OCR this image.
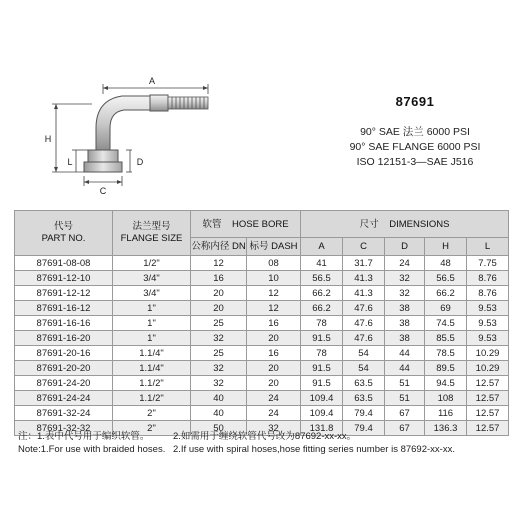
A
H
L	D
C
87691
90° SAE 法兰 6000 PSI
90° SAE FLANGE 6000 PSI
ISO 12151-3—SAE J516
代号
PART NO.	法兰型号
FLANGE SIZE	软管 HOSE BORE		尺寸 DIMENSIONS				
		公称内径 DN	标号 DASH	A	C	D	H	L
87691-08-08	1/2"	12	08	41	31.7	24	48	7.75
87691-12-10	3/4"	16	10	56.5	41.3	32	56.5	8.76
87691-12-12	3/4"	20	12	66.2	41.3	32	66.2	8.76
87691-16-12	1"	20	12	66.2	47.6	38	69	9.53
87691-16-16	1"	25	16	78	47.6	38	74.5	9.53
87691-16-20	1"	32	20	91.5	47.6	38	85.5	9.53
87691-20-16	1.1/4"	25	16	78	54	44	78.5	10.29
87691-20-20	1.1/4"	32	20	91.5	54	44	89.5	10.29
87691-24-20	1.1/2"	32	20	91.5	63.5	51	94.5	12.57
87691-24-24	1.1/2"	40	24	109.4	63.5	51	108	12.57
87691-32-24	2"	40	24	109.4	79.4	67	116	12.57
87691-32-32	2"	50	32	131.8	79.4	67	136.3	12.57
注：1.表中代号用于编织软管。	2.如需用于缠绕软管代号改为87692-xx-xx。
Note:1.For use with braided hoses. 2.If use with spiral hoses,hose fitting series number is 87692-xx-xx.
